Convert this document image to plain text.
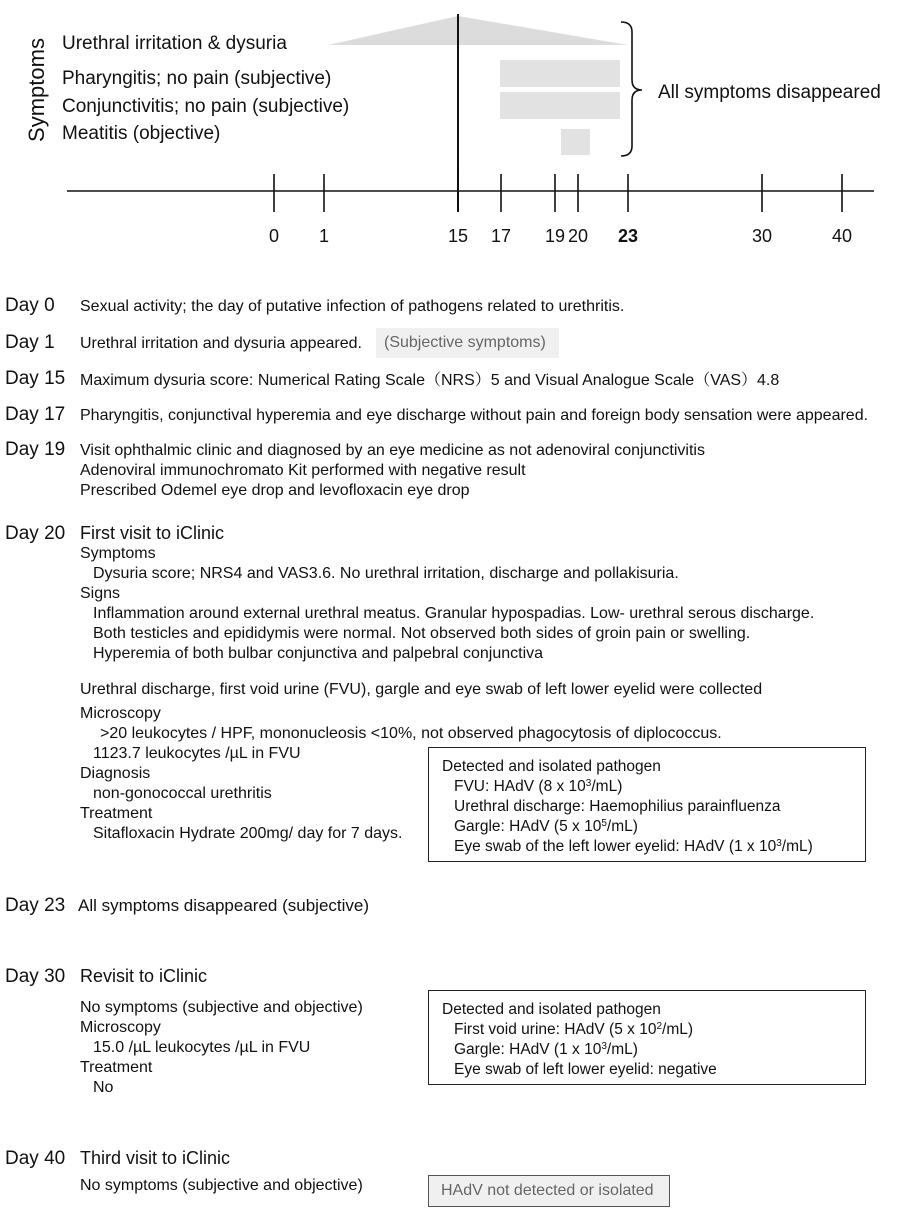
Symptoms Urethral irritation & dysuria
Pharyngitis; no pain (subjective)
Conjunctivitis; no pain (subjective)
Meatitis (objective)
All symptoms disappeared
0 1	15 17 19 20 23	30	40
Day 0 Sexual activity; the day of putative infection of pathogens related to urethritis.
Day 1 Urethral irritation and dysuria appeared.	(Subjective symptoms)
Day 15 Maximum dysuria score: Numerical Rating Scale（NRS）5 and Visual Analogue Scale（VAS）4.8
Day 17 Pharyngitis, conjunctival hyperemia and eye discharge without pain and foreign body sensation were appeared.
Day 19 Visit ophthalmic clinic and diagnosed by an eye medicine as not adenoviral conjunctivitis
Adenoviral immunochromato Kit performed with negative result
Prescribed Odemel eye drop and levofloxacin eye drop
Day 20 First visit to iClinic
Symptoms
Dysuria score; NRS4 and VAS3.6. No urethral irritation, discharge and pollakisuria.
Signs
Inflammation around external urethral meatus. Granular hypospadias. Low- urethral serous discharge.
Both testicles and epididymis were normal. Not observed both sides of groin pain or swelling.
Hyperemia of both bulbar conjunctiva and palpebral conjunctiva
Urethral discharge, first void urine (FVU), gargle and eye swab of left lower eyelid were collected
Microscopy
>20 leukocytes / HPF, mononucleosis <10%, not observed phagocytosis of diplococcus.
1123.7 leukocytes /µL in FVU
Diagnosis
non-gonococcal urethritis
Treatment
Sitafloxacin Hydrate 200mg/ day for 7 days.
Detected and isolated pathogen
FVU: HAdV (8 x $10^3/mL$)
Urethral discharge: Haemophilius parainfluenza
Gargle: HAdV (5 x $10^5/mL$)
Eye swab of the left lower eyelid: HAdV (1 x $10^3/mL$)
Day 23 All symptoms disappeared (subjective)
Day 30 Revisit to iClinic
No symptoms (subjective and objective)
Microscopy
15.0 /µL leukocytes /µL in FVU
Treatment
No
Detected and isolated pathogen
First void urine: HAdV (5 x $10^2/mL$)
Gargle: HAdV (1 x $10^3/mL$)
Eye swab of left lower eyelid: negative
Day 40 Third visit to iClinic
No symptoms (subjective and objective)	HAdV not detected or isolated
